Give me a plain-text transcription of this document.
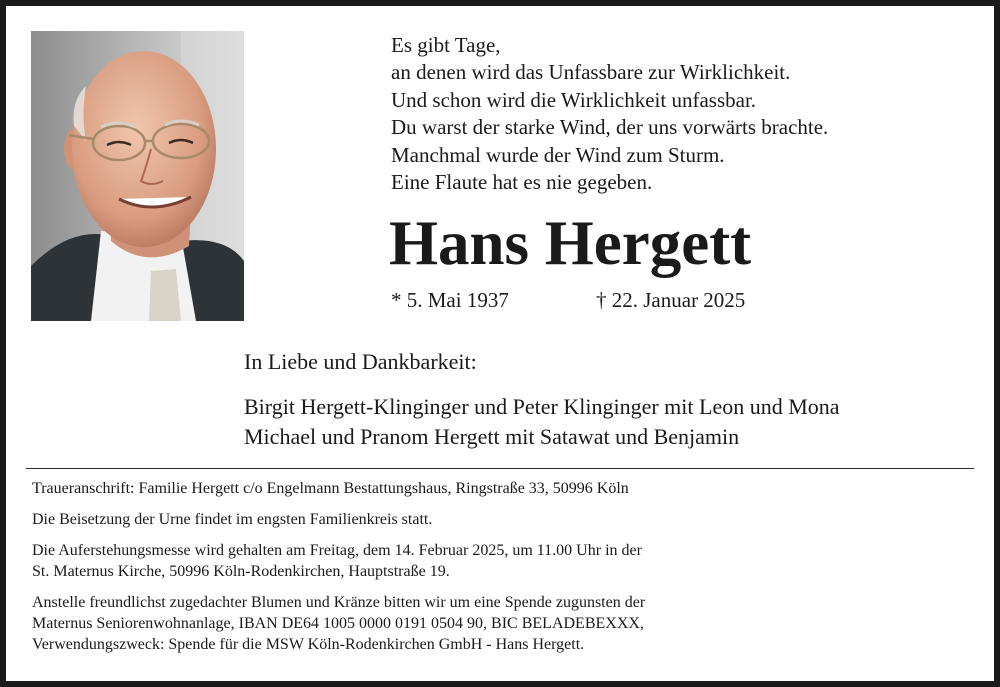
Es gibt Tage,
an denen wird das Unfassbare zur Wirklichkeit.
Und schon wird die Wirklichkeit unfassbar.
Du warst der starke Wind, der uns vorwärts brachte.
Manchmal wurde der Wind zum Sturm.
Eine Flaute hat es nie gegeben.
Hans Hergett
* 5. Mai 1937	† 22. Januar 2025
In Liebe und Dankbarkeit:
Birgit Hergett-Klinginger und Peter Klinginger mit Leon und Mona
Michael und Pranom Hergett mit Satawat und Benjamin
Traueranschrift: Familie Hergett c/o Engelmann Bestattungshaus, Ringstraße 33, 50996 Köln
Die Beisetzung der Urne findet im engsten Familienkreis statt.
Die Auferstehungsmesse wird gehalten am Freitag, dem 14. Februar 2025, um 11.00 Uhr in der
St. Maternus Kirche, 50996 Köln-Rodenkirchen, Hauptstraße 19.
Anstelle freundlichst zugedachter Blumen und Kränze bitten wir um eine Spende zugunsten der
Maternus Seniorenwohnanlage, IBAN DE64 1005 0000 0191 0504 90, BIC BELADEBEXXX,
Verwendungszweck: Spende für die MSW Köln-Rodenkirchen GmbH - Hans Hergett.
